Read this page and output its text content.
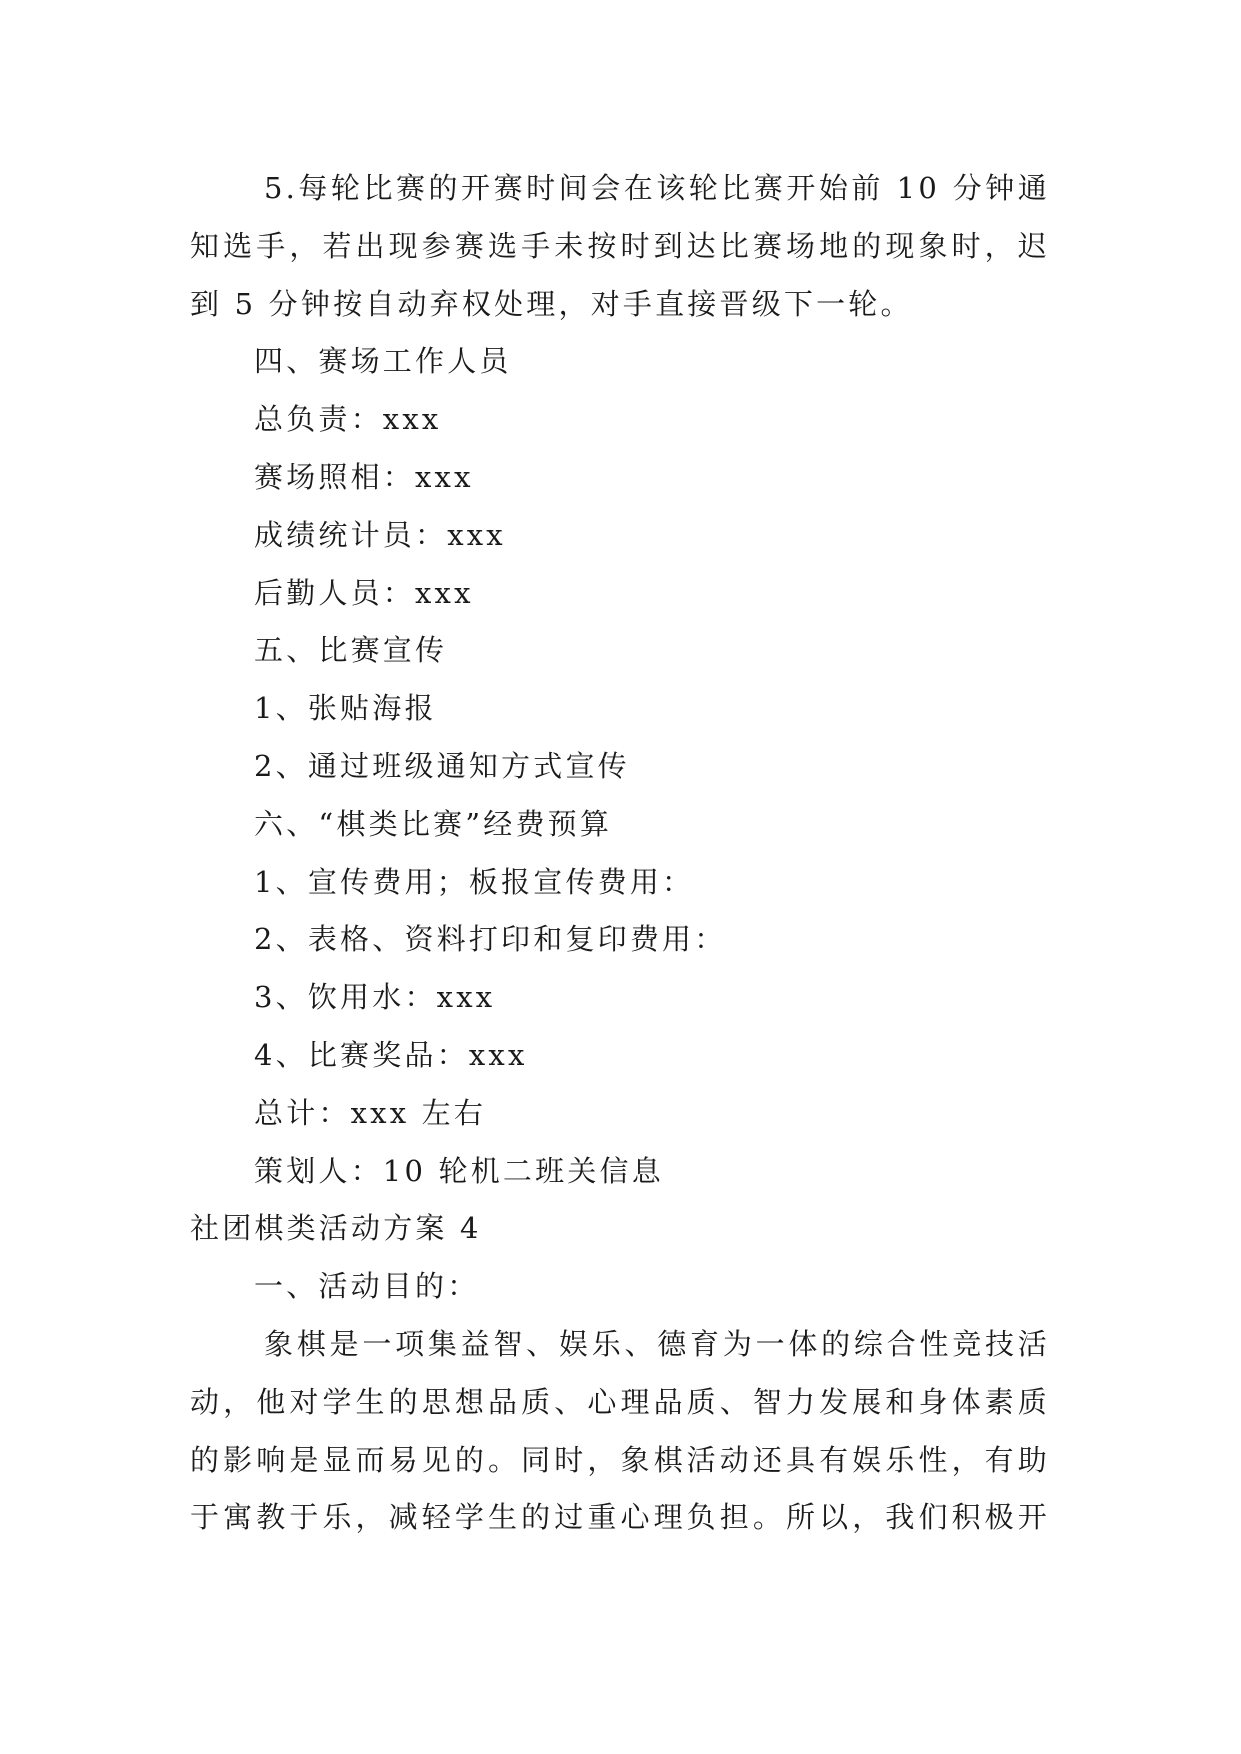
5.每轮比赛的开赛时间会在该轮比赛开始前 10 分钟通
知选手，若出现参赛选手未按时到达比赛场地的现象时，迟
到 5 分钟按自动弃权处理，对手直接晋级下一轮。
四、赛场工作人员
总负责：xxx
赛场照相：xxx
成绩统计员：xxx
后勤人员：xxx
五、比赛宣传
1、张贴海报
2、通过班级通知方式宣传
六、“棋类比赛”经费预算
1、宣传费用；板报宣传费用：
2、表格、资料打印和复印费用：
3、饮用水：xxx
4、比赛奖品：xxx
总计：xxx 左右
策划人：10 轮机二班关信息
社团棋类活动方案 4
一、活动目的：
象棋是一项集益智、娱乐、德育为一体的综合性竞技活
动，他对学生的思想品质、心理品质、智力发展和身体素质
的影响是显而易见的。同时，象棋活动还具有娱乐性，有助
于寓教于乐，减轻学生的过重心理负担。所以，我们积极开
